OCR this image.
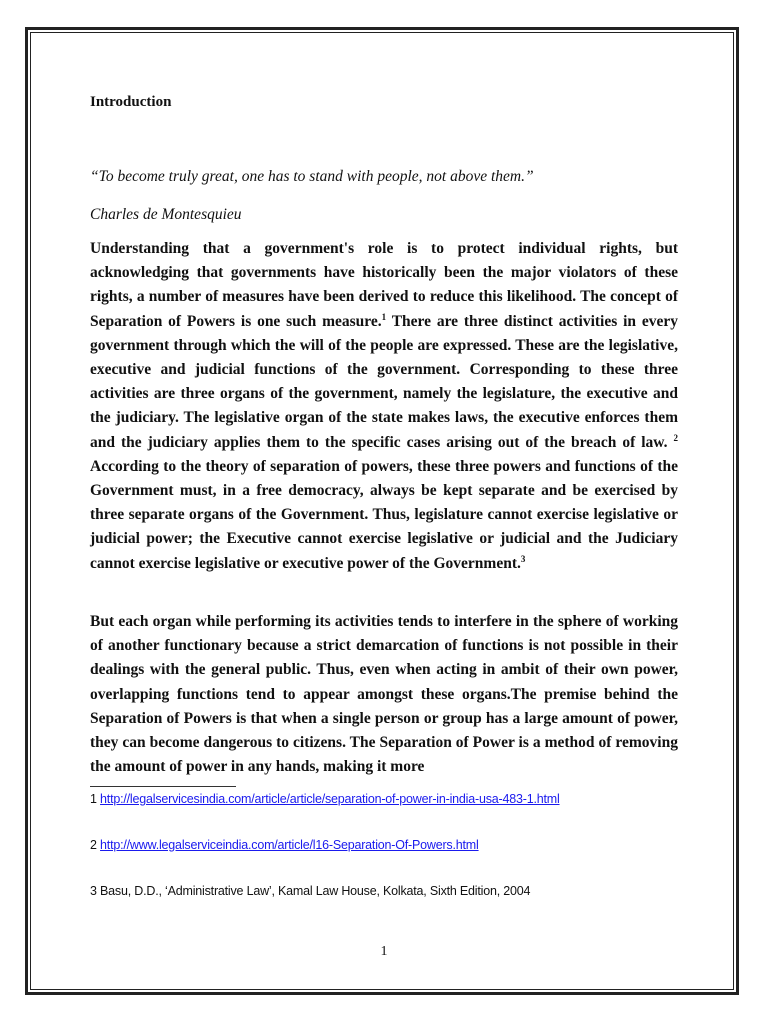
Introduction
“To become truly great, one has to stand with people, not above them.”
Charles de Montesquieu
Understanding that a government's role is to protect individual rights, but acknowledging that governments have historically been the major violators of these rights, a number of measures have been derived to reduce this likelihood. The concept of Separation of Powers is one such measure.$^1$ There are three distinct activities in every government through which the will of the people are expressed. These are the legislative, executive and judicial functions of the government. Corresponding to these three activities are three organs of the government, namely the legislature, the executive and the judiciary. The legislative organ of the state makes laws, the executive enforces them and the judiciary applies them to the specific cases arising out of the breach of law. $^2$ According to the theory of separation of powers, these three powers and functions of the Government must, in a free democracy, always be kept separate and be exercised by three separate organs of the Government. Thus, legislature cannot exercise legislative or judicial power; the Executive cannot exercise legislative or judicial and the Judiciary cannot exercise legislative or executive power of the Government.$^3$
But each organ while performing its activities tends to interfere in the sphere of working of another functionary because a strict demarcation of functions is not possible in their dealings with the general public. Thus, even when acting in ambit of their own power, overlapping functions tend to appear amongst these organs.The premise behind the Separation of Powers is that when a single person or group has a large amount of power, they can become dangerous to citizens. The Separation of Power is a method of removing the amount of power in any hands, making it more
1 http://legalservicesindia.com/article/article/separation-of-power-in-india-usa-483-1.html
2 http://www.legalserviceindia.com/article/l16-Separation-Of-Powers.html
3 Basu, D.D., ‘Administrative Law’, Kamal Law House, Kolkata, Sixth Edition, 2004
1
